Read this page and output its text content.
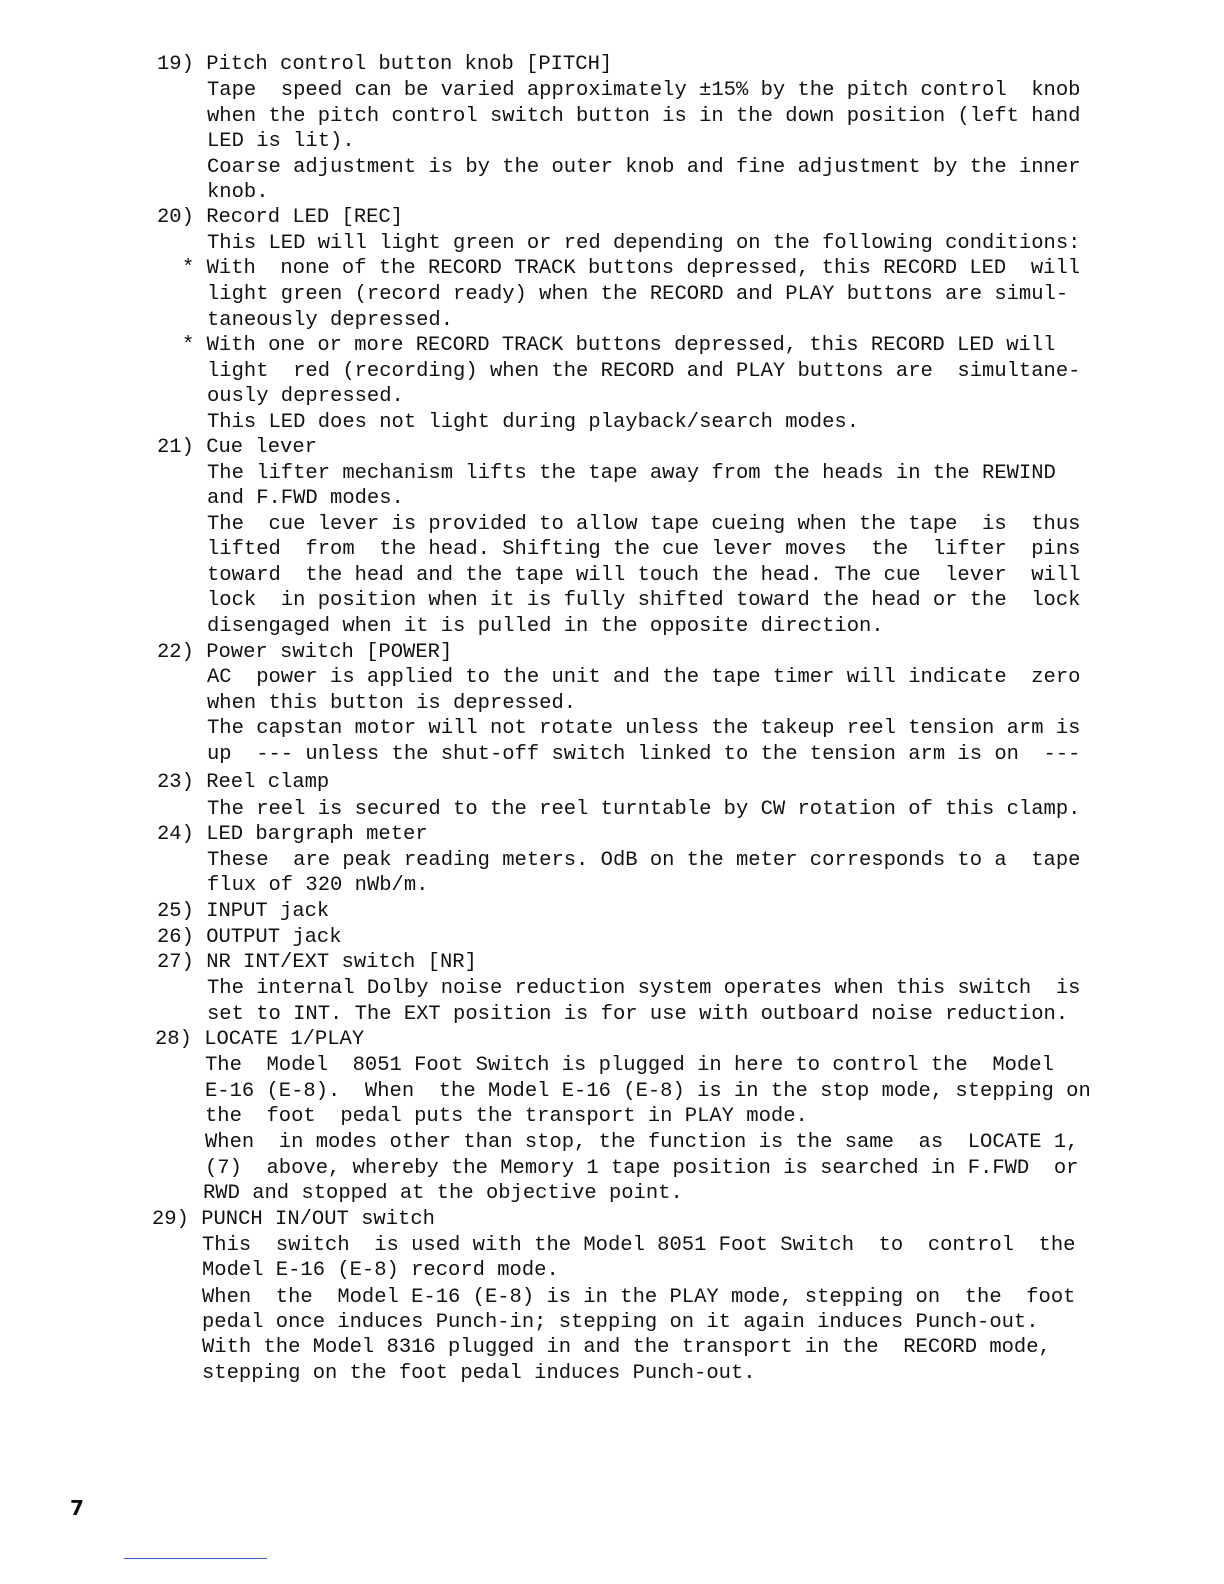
19) Pitch control button knob [PITCH]
Tape  speed can be varied approximately ±15% by the pitch control  knob
when the pitch control switch button is in the down position (left hand
LED is lit).
Coarse adjustment is by the outer knob and fine adjustment by the inner
knob.
20) Record LED [REC]
This LED will light green or red depending on the following conditions:
* With  none of the RECORD TRACK buttons depressed, this RECORD LED  will
light green (record ready) when the RECORD and PLAY buttons are simul-
taneously depressed.
* With one or more RECORD TRACK buttons depressed, this RECORD LED will
light  red (recording) when the RECORD and PLAY buttons are  simultane-
ously depressed.
This LED does not light during playback/search modes.
21) Cue lever
The lifter mechanism lifts the tape away from the heads in the REWIND
and F.FWD modes.
The  cue lever is provided to allow tape cueing when the tape  is  thus
lifted  from  the head. Shifting the cue lever moves  the  lifter  pins
toward  the head and the tape will touch the head. The cue  lever  will
lock  in position when it is fully shifted toward the head or the  lock
disengaged when it is pulled in the opposite direction.
22) Power switch [POWER]
AC  power is applied to the unit and the tape timer will indicate  zero
when this button is depressed.
The capstan motor will not rotate unless the takeup reel tension arm is
up  --- unless the shut-off switch linked to the tension arm is on  ---
23) Reel clamp
The reel is secured to the reel turntable by CW rotation of this clamp.
24) LED bargraph meter
These  are peak reading meters. OdB on the meter corresponds to a  tape
flux of 320 nWb/m.
25) INPUT jack
26) OUTPUT jack
27) NR INT/EXT switch [NR]
The internal Dolby noise reduction system operates when this switch  is
set to INT. The EXT position is for use with outboard noise reduction.
28) LOCATE 1/PLAY
The  Model  8051 Foot Switch is plugged in here to control the  Model
E-16 (E-8).  When  the Model E-16 (E-8) is in the stop mode, stepping on
the  foot  pedal puts the transport in PLAY mode.
When  in modes other than stop, the function is the same  as  LOCATE 1,
(7)  above, whereby the Memory 1 tape position is searched in F.FWD  or
RWD and stopped at the objective point.
29) PUNCH IN/OUT switch
This  switch  is used with the Model 8051 Foot Switch  to  control  the
Model E-16 (E-8) record mode.
When  the  Model E-16 (E-8) is in the PLAY mode, stepping on  the  foot
pedal once induces Punch-in; stepping on it again induces Punch-out.
With the Model 8316 plugged in and the transport in the  RECORD mode,
stepping on the foot pedal induces Punch-out.
7
